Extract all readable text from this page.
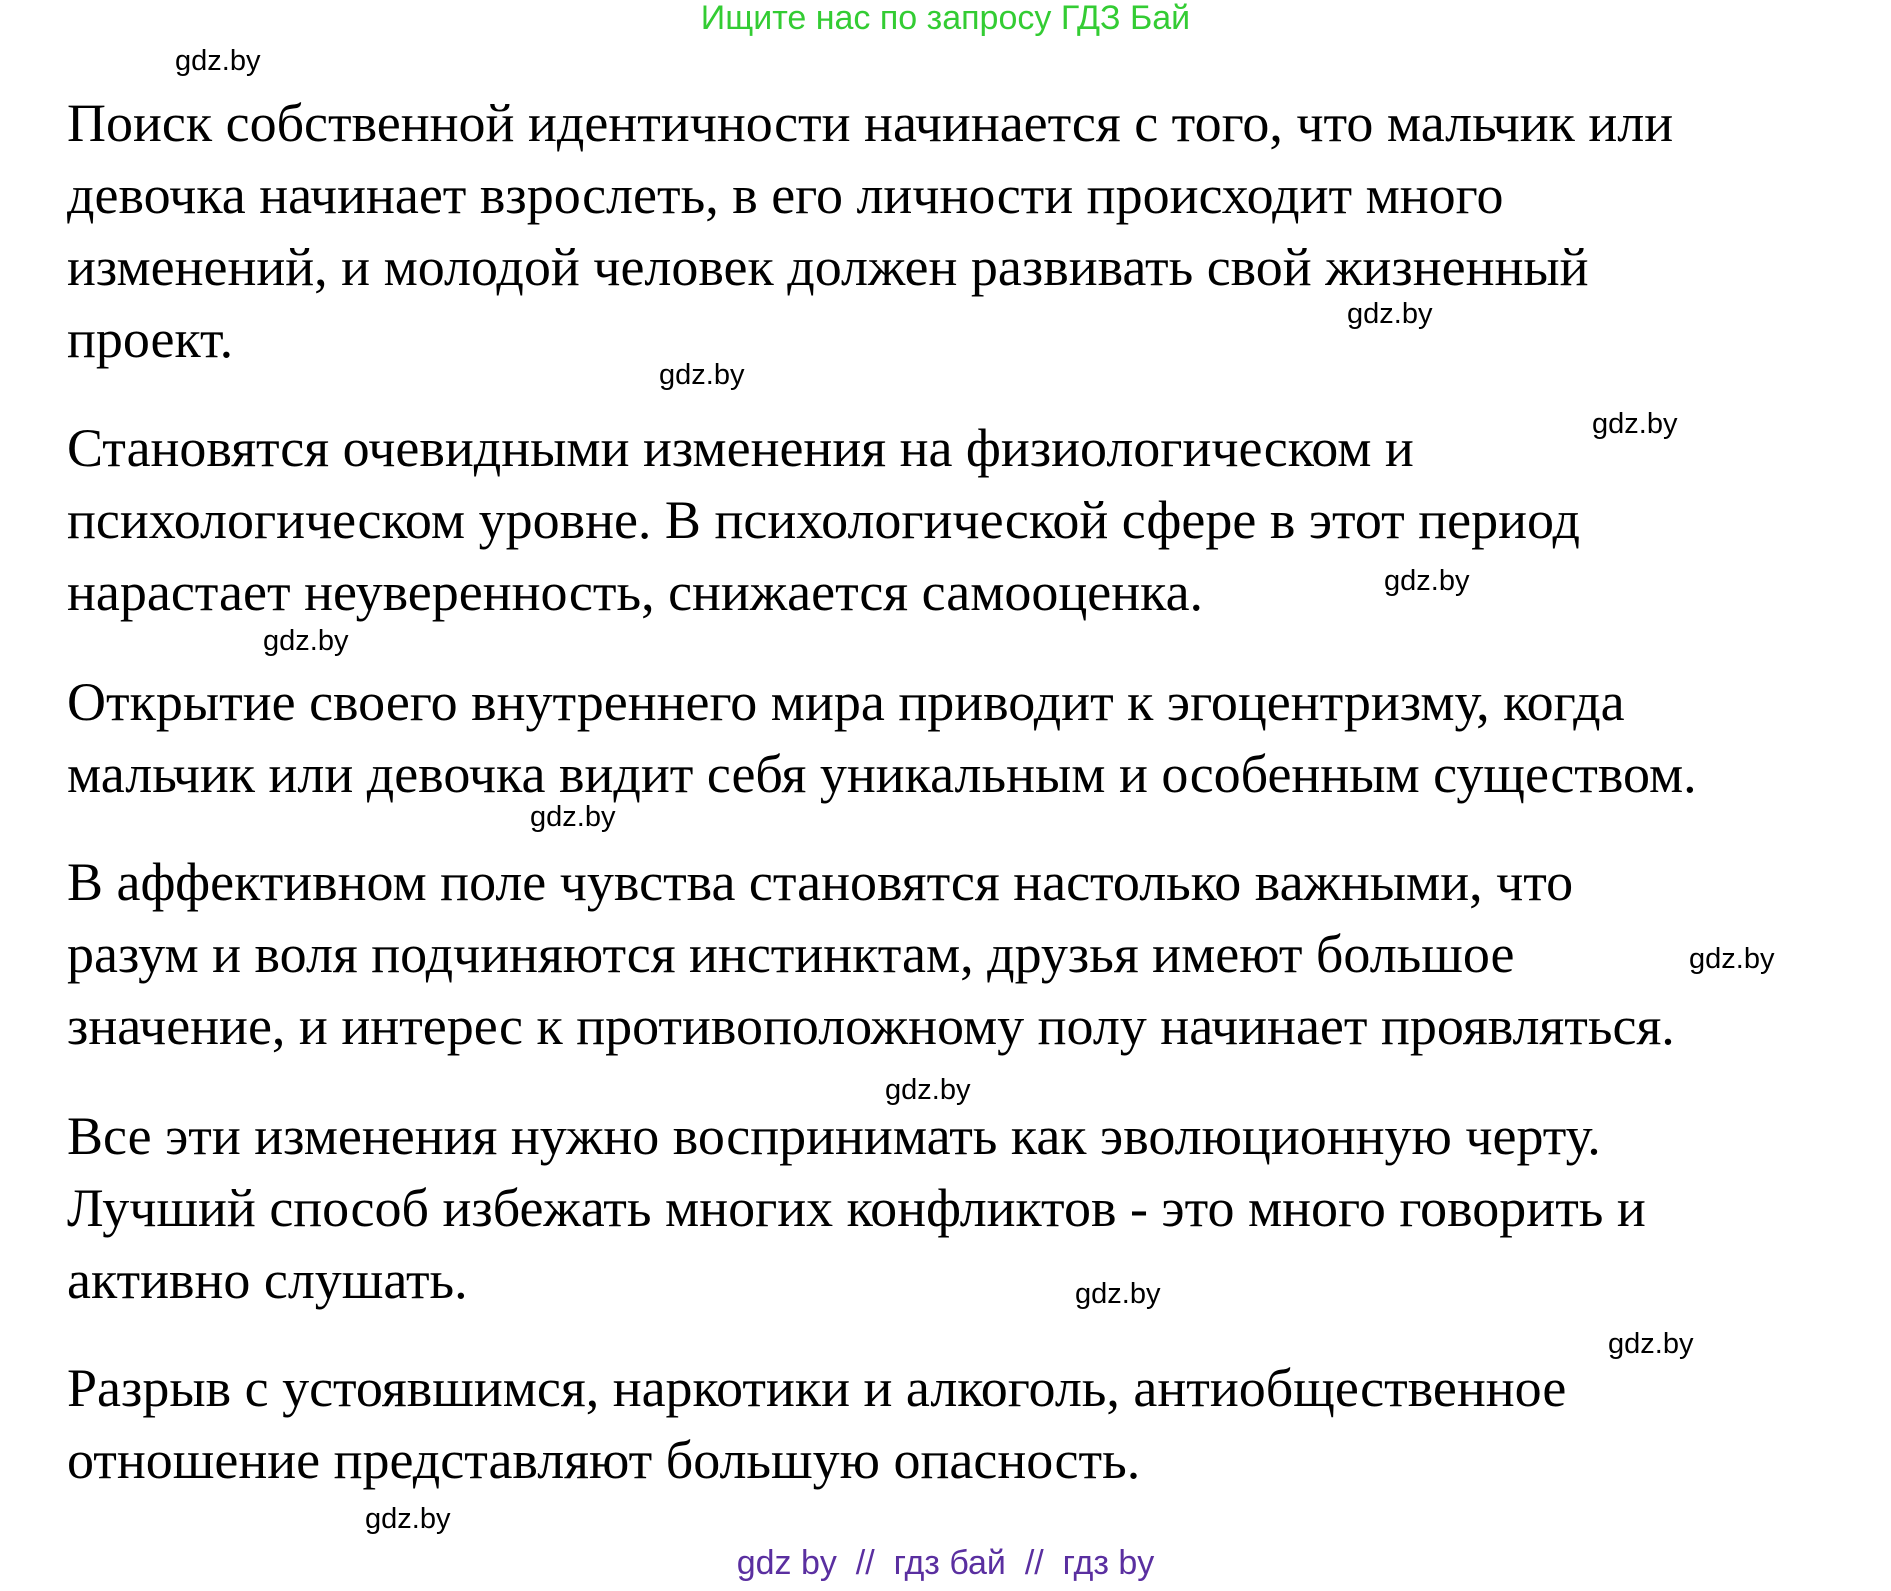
Ищите нас по запросу ГДЗ Бай
Поиск собственной идентичности начинается с того, что мальчик или
девочка начинает взрослеть, в его личности происходит много
изменений, и молодой человек должен развивать свой жизненный
проект.
Становятся очевидными изменения на физиологическом и
психологическом уровне. В психологической сфере в этот период
нарастает неуверенность, снижается самооценка.
Открытие своего внутреннего мира приводит к эгоцентризму, когда
мальчик или девочка видит себя уникальным и особенным существом.
В аффективном поле чувства становятся настолько важными, что
разум и воля подчиняются инстинктам, друзья имеют большое
значение, и интерес к противоположному полу начинает проявляться.
Все эти изменения нужно воспринимать как эволюционную черту.
Лучший способ избежать многих конфликтов - это много говорить и
активно слушать.
Разрыв с устоявшимся, наркотики и алкоголь, антиобщественное
отношение представляют большую опасность.
gdz.by
gdz.by
gdz.by
gdz.by
gdz.by
gdz.by
gdz.by
gdz.by
gdz.by
gdz.by
gdz.by
gdz.by
gdz by  //  гдз бай  //  гдз by
